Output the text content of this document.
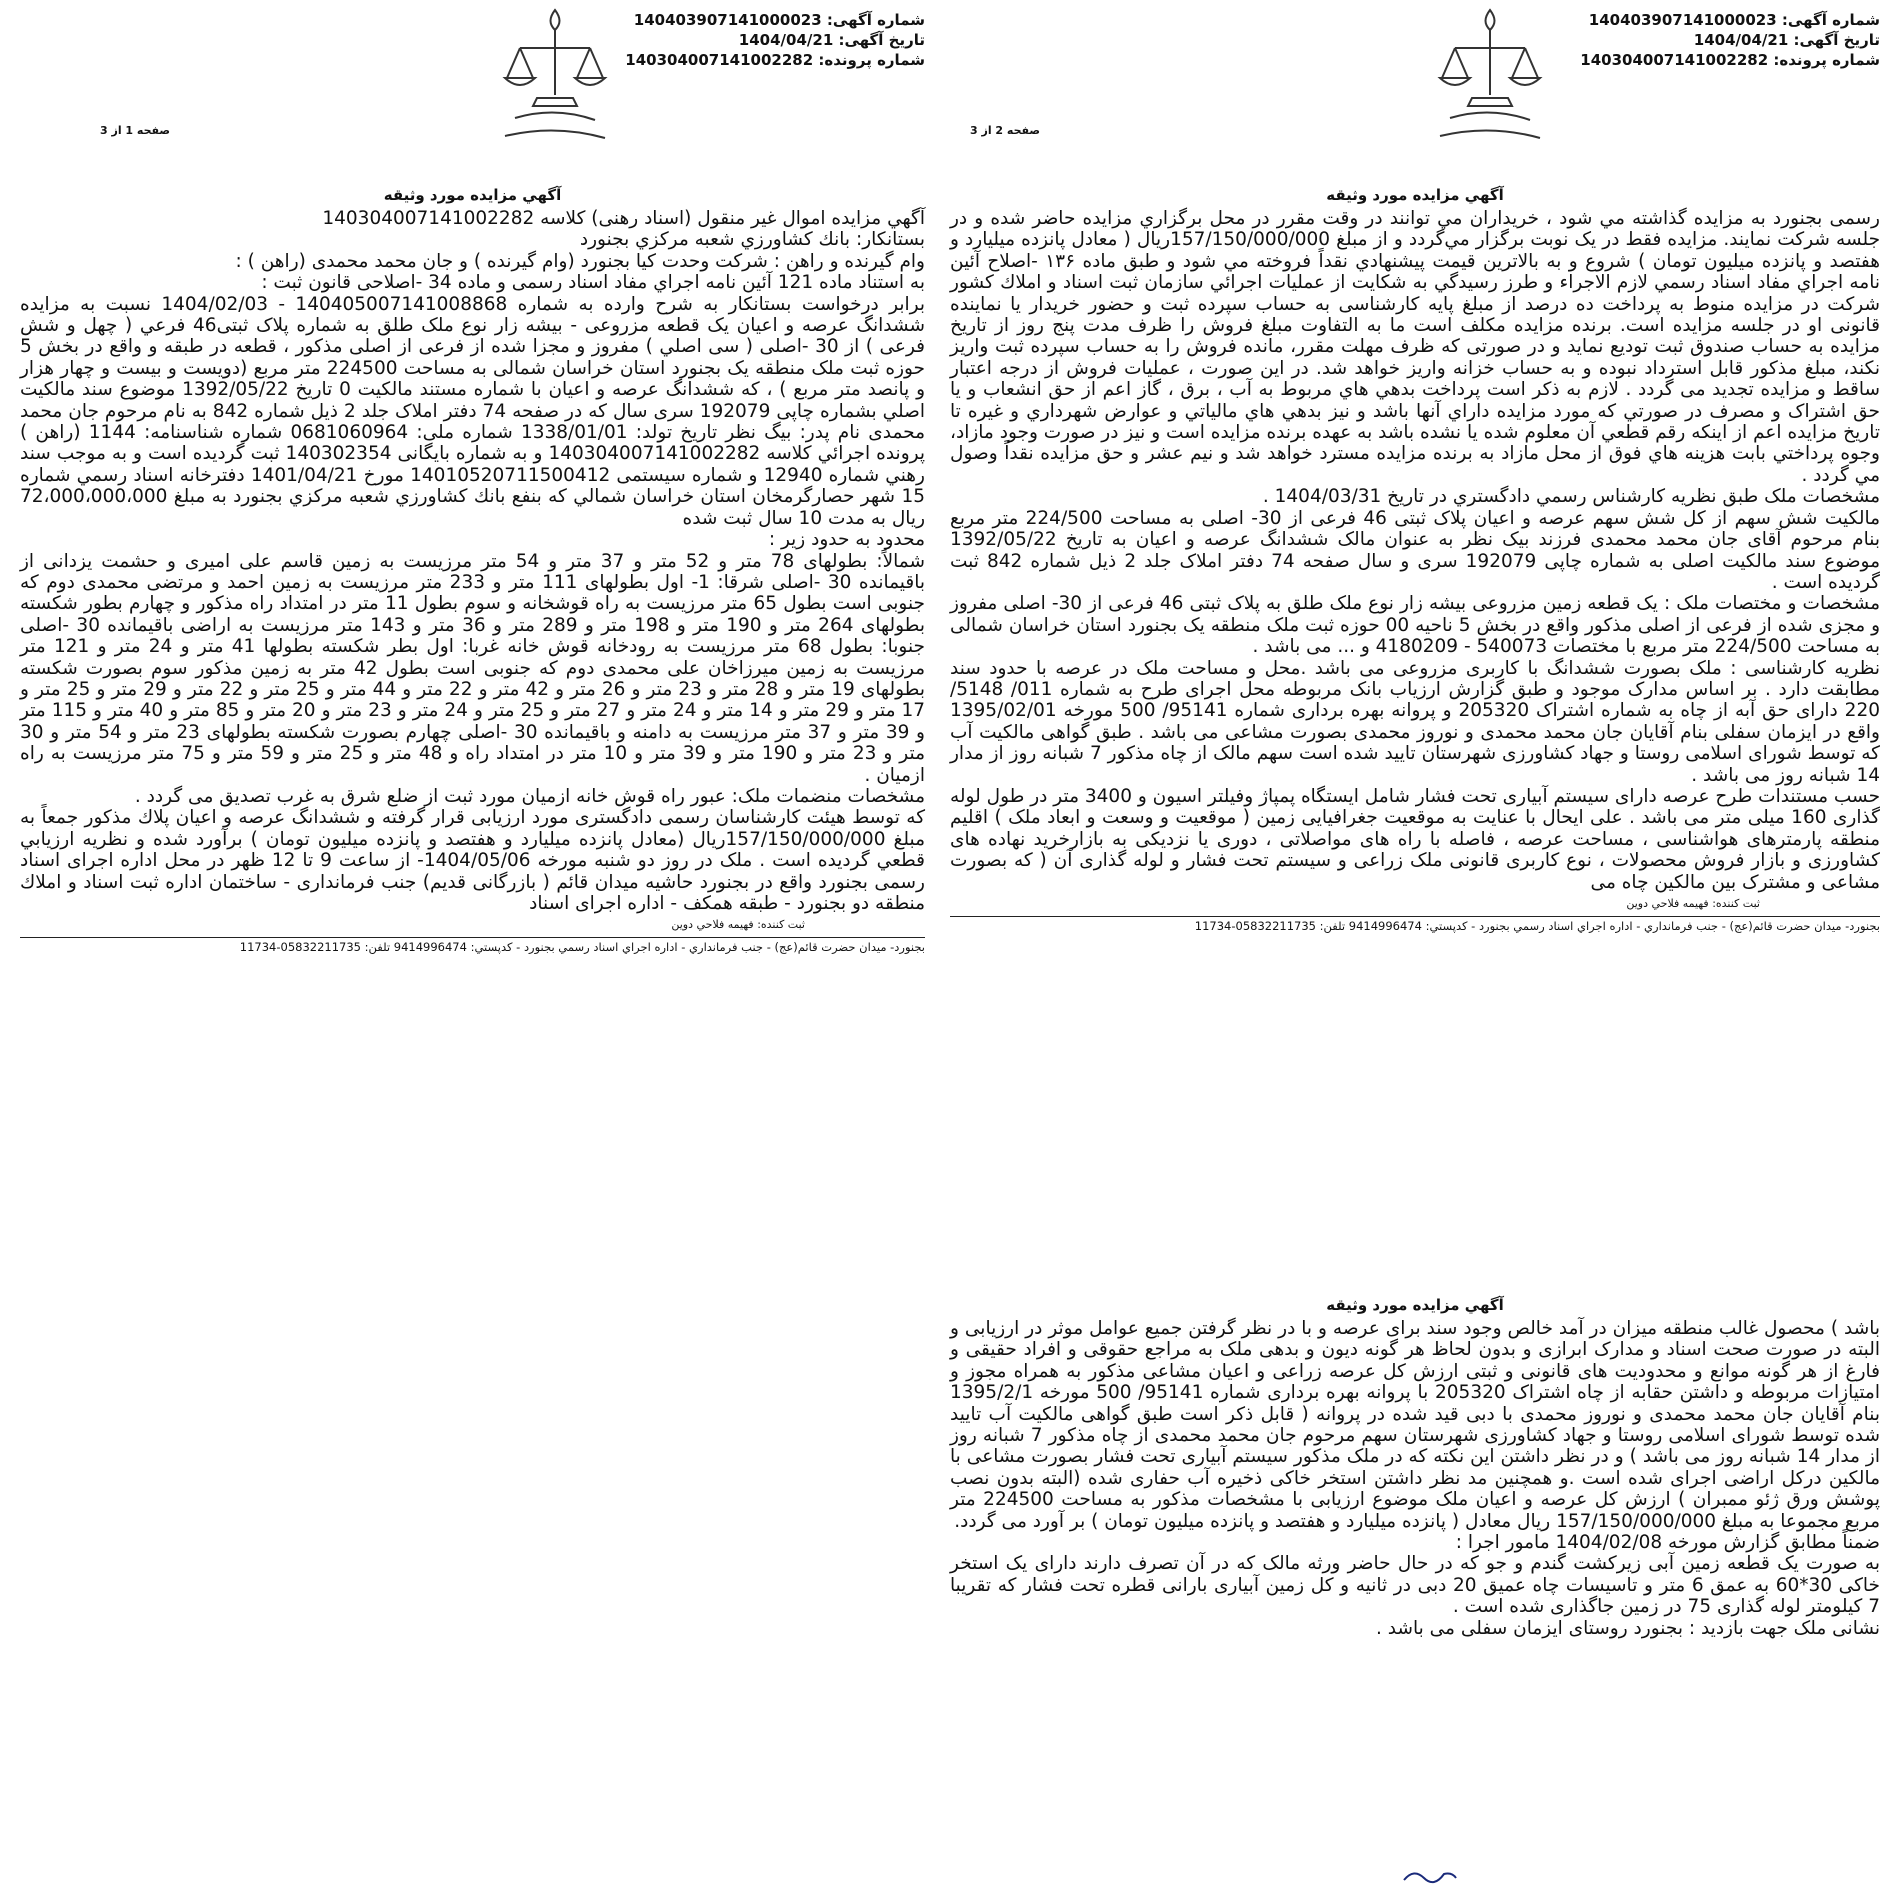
شماره آگهی: 140403907141000023
تاریخ آگهی: 1404/04/21
شماره پرونده: 140304007141002282
صفحه 1 از 3
آگهي مزايده مورد وثيقه

آگهي مزايده اموال غير منقول (اسناد رهنی) کلاسه 140304007141002282

بستانکار: بانك كشاورزي شعبه مركزي بجنورد

وام گیرنده و راهن : شرکت وحدت کیا بجنورد (وام گیرنده ) و جان محمد محمدی (راهن ) :

به استناد ماده 121 آئين نامه اجراي مفاد اسناد رسمی و ماده 34 -اصلاحی قانون ثبت :

برابر درخواست بستانکار به شرح وارده به شماره 140405007141008868 - 1404/02/03 نسبت به مزایده ششدانگ عرصه و اعیان یک قطعه مزروعی - بیشه زار نوع ملک طلق به شماره پلاک ثبتی46 فرعي ( چهل و شش فرعی ) از 30 -اصلی ( سی اصلي ) مفروز و مجزا شده از فرعی از اصلی مذکور ، قطعه در طبقه و واقع در بخش 5 حوزه ثبت ملک منطقه یک بجنورد استان خراسان شمالی به مساحت 224500 متر مربع (دویست و بیست و چهار هزار و پانصد متر مربع ) ، که ششدانگ عرصه و اعیان با شماره مستند مالکیت 0 تاریخ 1392/05/22 موضوع سند مالکیت اصلي بشماره چاپی 192079 سری سال که در صفحه 74 دفتر املاک جلد 2 ذیل شماره 842 به نام مرحوم جان محمد محمدی نام پدر: بیگ نظر تاریخ تولد: 1338/01/01 شماره ملی: 0681060964 شماره شناسنامه: 1144 (راهن ) پرونده اجرائي كلاسه 140304007141002282 و به شماره بايگانی 140302354 ثبت گرديده است و به موجب سند رهني شماره 12940 و شماره سیستمی 14010520711500412 مورخ 1401/04/21 دفترخانه اسناد رسمي شماره 15 شهر حصارگرمخان استان خراسان شمالي كه بنفع بانك كشاورزي شعبه مركزي بجنورد به مبلغ 72،000،000،000 ريال به مدت 10 سال ثبت شده

محدود به حدود زیر :

شمالاً: بطولهای 78 متر و 52 متر و 37 متر و 54 متر مرزیست به زمین قاسم علی امیری و حشمت یزدانی از باقیمانده 30 -اصلی شرقا: 1- اول بطولهای 111 متر و 233 متر مرزیست به زمین احمد و مرتضی محمدی دوم که جنوبی است بطول 65 متر مرزیست به راه قوشخانه و سوم بطول 11 متر در امتداد راه مذکور و چهارم بطور شکسته بطولهای 264 متر و 190 متر و 198 متر و 289 متر و 36 متر و 143 متر مرزیست به اراضی باقیمانده 30 -اصلی جنوبا: بطول 68 متر مرزیست به رودخانه قوش خانه غربا: اول بطر شکسته بطولها 41 متر و 24 متر و 121 متر مرزیست به زمین میرزاخان علی محمدی دوم که جنوبی است بطول 42 متر به زمین مذکور سوم بصورت شکسته بطولهای 19 متر و 28 متر و 23 متر و 26 متر و 42 متر و 22 متر و 44 متر و 25 متر و 22 متر و 29 متر و 25 متر و 17 متر و 29 متر و 14 متر و 24 متر و 27 متر و 25 متر و 24 متر و 23 متر و 20 متر و 85 متر و 40 متر و 115 متر و 39 متر و 37 متر مرزیست به دامنه و باقیمانده 30 -اصلی چهارم بصورت شکسته بطولهای 23 متر و 54 متر و 30 متر و 23 متر و 190 متر و 39 متر و 10 متر در امتداد راه و 48 متر و 25 متر و 59 متر و 75 متر مرزیست به راه ازمیان .

مشخصات منضمات ملک: عبور راه قوش خانه ازمیان مورد ثبت از ضلع شرق به غرب تصدیق می گردد .

كه توسط هيئت كارشناسان رسمی دادگستری مورد ارزيابی قرار گرفته و ششدانگ عرصه و اعيان پلاك مذكور جمعاً به مبلغ 157/150/000/000ريال (معادل پانزده ميليارد و هفتصد و پانزده ميليون تومان ) برآورد شده و نظريه ارزيابي قطعي گرديده است . ملک در روز دو شنبه مورخه 1404/05/06- از ساعت 9 تا 12 ظهر در محل اداره اجرای اسناد رسمی بجنورد واقع در بجنورد حاشيه ميدان قائم ( بازرگانی قديم) جنب فرمانداری - ساختمان اداره ثبت اسناد و املاك منطقه دو بجنورد - طبقه همكف - اداره اجرای اسناد

ثبت کننده: فهيمه فلاحي دوين
بجنورد- ميدان حضرت قائم(عج) - جنب فرمانداري - اداره اجراي اسناد رسمي بجنورد - کدپستي: 9414996474 تلفن: 05832211735-11734
شماره آگهی: 140403907141000023
تاریخ آگهی: 1404/04/21
شماره پرونده: 140304007141002282
صفحه 2 از 3
آگهي مزايده مورد وثيقه

رسمی بجنورد به مزايده گذاشته مي شود ، خريداران مي توانند در وقت مقرر در محل برگزاري مزايده حاضر شده و در جلسه شركت نمايند. مزايده فقط در يک نوبت برگزار مي‌گردد و از مبلغ 157/150/000/000ريال ( معادل پانزده ميليارد و هفتصد و پانزده ميليون تومان ) شروع و به بالاترين قيمت پيشنهادي نقداً فروخته مي شود و طبق ماده ۱۳۶ -اصلاح آئين نامه اجراي مفاد اسناد رسمي لازم الاجراء و طرز رسيدگي به شكايت از عمليات اجرائي سازمان ثبت اسناد و املاك كشور شرکت در مزایده منوط به پرداخت ده درصد از مبلغ پایه کارشناسی به حساب سپرده ثبت و حضور خریدار یا نماینده قانونی او در جلسه مزایده است. برنده مزایده مکلف است ما به التفاوت مبلغ فروش را ظرف مدت پنج روز از تاریخ مزایده به حساب صندوق ثبت تودیع نماید و در صورتی که ظرف مهلت مقرر، مانده فروش را به حساب سپرده ثبت واریز نکند، مبلغ مذکور قابل استرداد نبوده و به حساب خزانه واریز خواهد شد. در این صورت ، عملیات فروش از درجه اعتبار ساقط و مزایده تجدید می گردد . لازم به ذکر است پرداخت بدهي هاي مربوط به آب ، برق ، گاز اعم از حق انشعاب و يا حق اشتراک و مصرف در صورتي که مورد مزايده داراي آنها باشد و نيز بدهي هاي مالياتي و عوارض شهرداري و غيره تا تاريخ مزايده اعم از اينکه رقم قطعي آن معلوم شده يا نشده باشد به عهده برنده مزايده است و نيز در صورت وجود مازاد، وجوه پرداختي بابت هزينه هاي فوق از محل مازاد به برنده مزايده مسترد خواهد شد و نيم عشر و حق مزايده نقداً وصول مي گردد .

مشخصات ملک طبق نظریه کارشناس رسمي دادگستري در تاريخ 1404/03/31 .

مالکیت شش سهم از کل شش سهم عرصه و اعیان پلاک ثبتی 46 فرعی از 30- اصلی به مساحت 224/500 متر مربع بنام مرحوم آقای جان محمد محمدی فرزند بیک نظر به عنوان مالک ششدانگ عرصه و اعیان به تاریخ 1392/05/22 موضوع سند مالکیت اصلی به شماره چاپی 192079 سری و سال صفحه 74 دفتر املاک جلد 2 ذیل شماره 842 ثبت گردیده است .

مشخصات و مختصات ملک : یک قطعه زمین مزروعی بیشه زار نوع ملک طلق به پلاک ثبتی 46 فرعی از 30- اصلی مفروز و مجزی شده از فرعی از اصلی مذکور واقع در بخش 5 ناحیه 00 حوزه ثبت ملک منطقه یک بجنورد استان خراسان شمالی به مساحت 224/500 متر مربع با مختصات 540073 - 4180209 و ... می باشد .

نظریه کارشناسی : ملک بصورت ششدانگ با کاربری مزروعی می باشد .محل و مساحت ملک در عرصه با حدود سند مطابقت دارد . بر اساس مدارک موجود و طبق گزارش ارزیاب بانک مربوطه محل اجرای طرح به شماره 011/ 5148/ 220 دارای حق آبه از چاه به شماره اشتراک 205320 و پروانه بهره برداری شماره 95141/ 500 مورخه 1395/02/01 واقع در ایزمان سفلی بنام آقایان جان محمد محمدی و نوروز محمدی بصورت مشاعی می باشد . طبق گواهی مالکیت آب که توسط شورای اسلامی روستا و جهاد کشاورزی شهرستان تایید شده است سهم مالک از چاه مذکور 7 شبانه روز از مدار 14 شبانه روز می باشد .

حسب مستندات طرح عرصه دارای سیستم آبیاری تحت فشار شامل ایستگاه پمپاژ وفیلتر اسیون و 3400 متر در طول لوله گذاری 160 میلی متر می باشد . علی ایحال با عنایت به موقعیت جغرافیایی زمین ( موقعیت و وسعت و ابعاد ملک ) اقلیم منطقه پارمترهای هواشناسی ، مساحت عرصه ، فاصله با راه های مواصلاتی ، دوری یا نزدیکی به بازارخرید نهاده های کشاورزی و بازار فروش محصولات ، نوع کاربری قانونی ملک زراعی و سیستم تحت فشار و لوله گذاری آن ( که بصورت مشاعی و مشترک بین مالکین چاه می

ثبت کننده: فهيمه فلاحي دوين
بجنورد- ميدان حضرت قائم(عج) - جنب فرمانداري - اداره اجراي اسناد رسمي بجنورد - کدپستي: 9414996474 تلفن: 05832211735-11734
آگهي مزايده مورد وثيقه

باشد ) محصول غالب منطقه میزان در آمد خالص وجود سند برای عرصه و با در نظر گرفتن جمیع عوامل موثر در ارزیابی و البته در صورت صحت اسناد و مدارک ابرازی و بدون لحاظ هر گونه دیون و بدهی ملک به مراجع حقوقی و افراد حقیقی و فارغ از هر گونه موانع و محدودیت های قانونی و ثبتی ارزش کل عرصه زراعی و اعیان مشاعی مذکور به همراه مجوز و امتیازات مربوطه و داشتن حقابه از چاه اشتراک 205320 با پروانه بهره برداری شماره 95141/ 500 مورخه 1395/2/1 بنام آقایان جان محمد محمدی و نوروز محمدی با دبی قید شده در پروانه ( قابل ذکر است طبق گواهی مالکیت آب تایید شده توسط شورای اسلامی روستا و جهاد کشاورزی شهرستان سهم مرحوم جان محمد محمدی از چاه مذکور 7 شبانه روز از مدار 14 شبانه روز می باشد ) و در نظر داشتن این نکته که در ملک مذکور سیستم آبیاری تحت فشار بصورت مشاعی با مالکین درکل اراضی اجرای شده است .و همچنین مد نظر داشتن استخر خاکی ذخیره آب حفاری شده (البته بدون نصب پوشش ورق ژئو ممبران ) ارزش کل عرصه و اعیان ملک موضوع ارزیابی با مشخصات مذکور به مساحت 224500 متر مربع مجموعا به مبلغ 157/150/000/000 ریال معادل ( پانزده میلیارد و هفتصد و پانزده میلیون تومان ) بر آورد می گردد.

ضمناً مطابق گزارش مورخه 1404/02/08 مامور اجرا :

به صورت یک قطعه زمین آبی زیرکشت گندم و جو که در حال حاضر ورثه مالک که در آن تصرف دارند دارای یک استخر خاکی 30*60 به عمق 6 متر و تاسیسات چاه عمیق 20 دبی در ثانیه و کل زمین آبیاری بارانی قطره تحت فشار که تقریبا 7 کیلومتر لوله گذاری 75 در زمین جاگذاری شده است .

نشانی ملک جهت بازدید : بجنورد روستای ایزمان سفلی می باشد .
